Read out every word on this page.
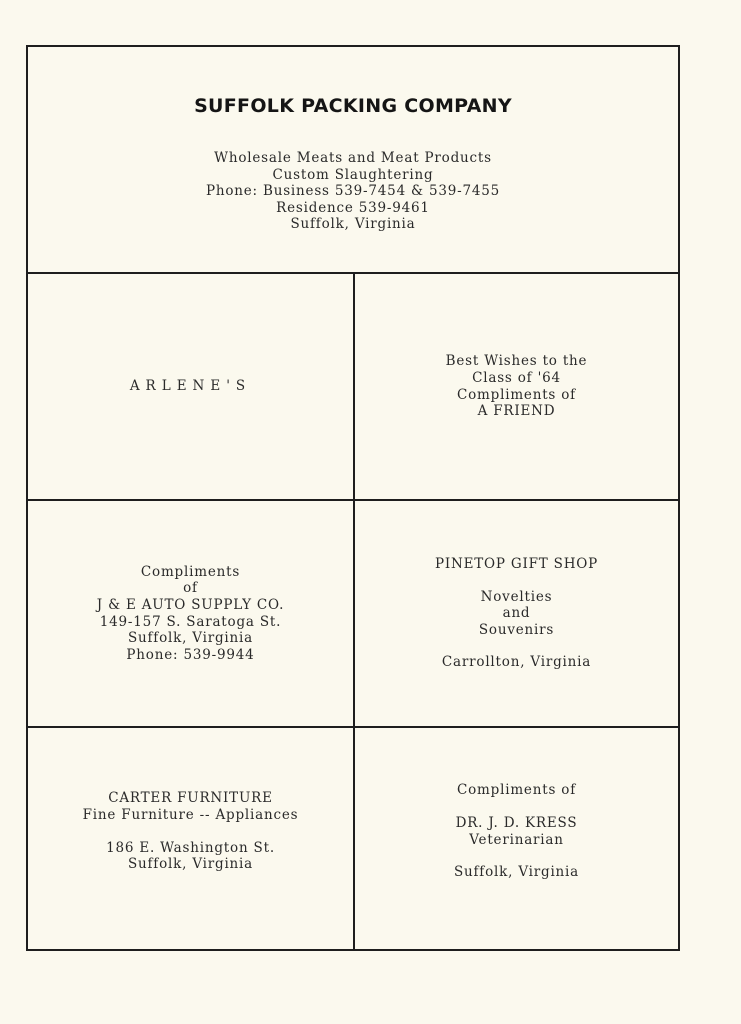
SUFFOLK PACKING COMPANY
Wholesale Meats and Meat Products
Custom Slaughtering
Phone: Business 539-7454 & 539-7455
Residence 539-9461
Suffolk, Virginia
ARLENE'S
Best Wishes to the
Class of '64
Compliments of
A FRIEND
Compliments
of
J & E AUTO SUPPLY CO.
149-157 S. Saratoga St.
Suffolk, Virginia
Phone: 539-9944
PINETOP GIFT SHOP
Novelties
and
Souvenirs
Carrollton, Virginia
CARTER FURNITURE
Fine Furniture -- Appliances
186 E. Washington St.
Suffolk, Virginia
Compliments of
DR. J. D. KRESS
Veterinarian
Suffolk, Virginia
